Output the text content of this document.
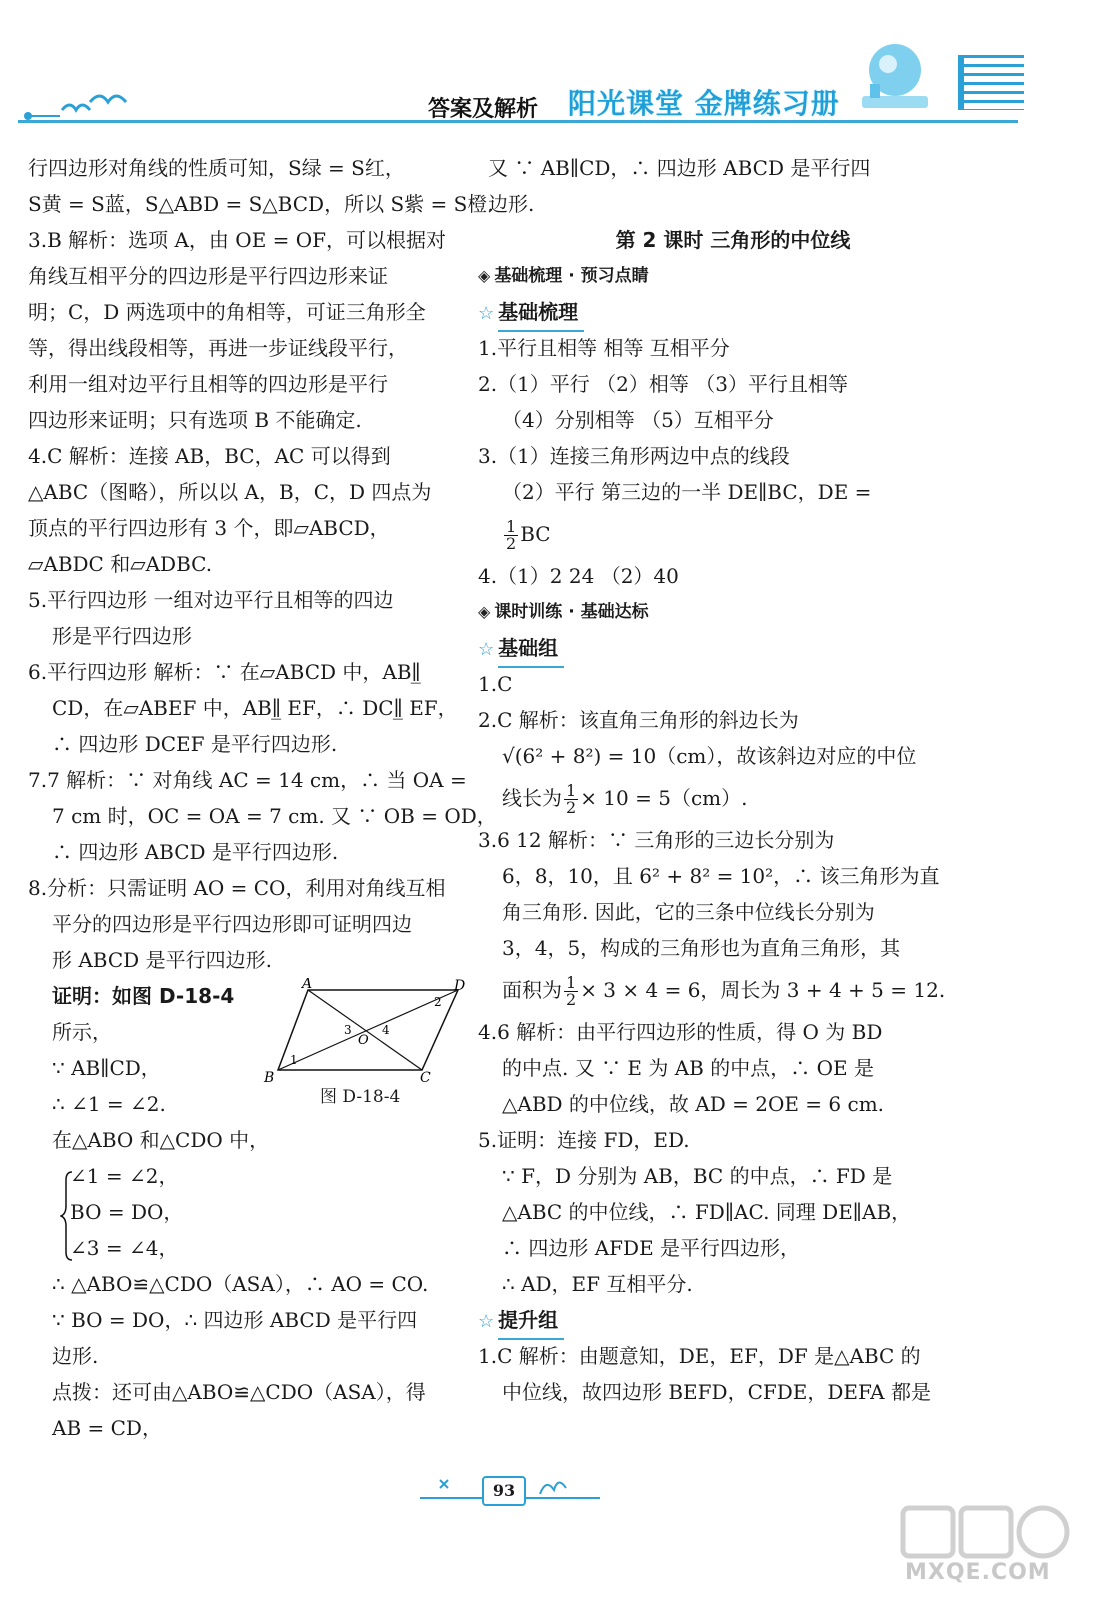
答案及解析 阳光课堂 金牌练习册
行四边形对角线的性质可知，S绿 = S红，
S黄 = S蓝，S△ABD = S△BCD，所以 S紫 = S橙.
3.B 解析：选项 A，由 OE = OF，可以根据对
角线互相平分的四边形是平行四边形来证
明；C，D 两选项中的角相等，可证三角形全
等，得出线段相等，再进一步证线段平行，
利用一组对边平行且相等的四边形是平行
四边形来证明；只有选项 B 不能确定.
4.C 解析：连接 AB，BC，AC 可以得到
△ABC（图略），所以以 A，B，C，D 四点为
顶点的平行四边形有 3 个，即▱ABCD，
▱ABDC 和▱ADBC.
5.平行四边形 一组对边平行且相等的四边
形是平行四边形
6.平行四边形 解析：∵ 在▱ABCD 中，AB∥̲
CD，在▱ABEF 中，AB∥̲ EF，∴ DC∥̲ EF，
∴ 四边形 DCEF 是平行四边形.
7.7 解析：∵ 对角线 AC = 14 cm，∴ 当 OA =
7 cm 时，OC = OA = 7 cm. 又 ∵ OB = OD，
∴ 四边形 ABCD 是平行四边形.
8.分析：只需证明 AO = CO，利用对角线互相
平分的四边形是平行四边形即可证明四边
形 ABCD 是平行四边形.
证明：如图 D-18-4
所示，
∵ AB∥CD，
∴ ∠1 = ∠2.
在△ABO 和△CDO 中，
∠1 = ∠2，
BO = DO，
∠3 = ∠4，
∴ △ABO≌△CDO（ASA），∴ AO = CO.
∵ BO = DO，∴ 四边形 ABCD 是平行四
边形.
点拨：还可由△ABO≌△CDO（ASA），得
AB = CD，
A	D
B	C
O
1
2
3	4
图 D-18-4
又 ∵ AB∥CD，∴ 四边形 ABCD 是平行四
边形.
第 2 课时 三角形的中位线
◈ 基础梳理 · 预习点睛
☆ 基础梳理
1.平行且相等 相等 互相平分
2.（1）平行 （2）相等 （3）平行且相等
（4）分别相等 （5）互相平分
3.（1）连接三角形两边中点的线段
（2）平行 第三边的一半 DE∥BC，DE =
$\frac{1}{2}$ BC
4.（1）2 24 （2）40
◈ 课时训练 · 基础达标
☆ 基础组
1.C
2.C 解析：该直角三角形的斜边长为
√(6² + 8²) = 10（cm），故该斜边对应的中位
线长为 $\frac{1}{2} \times 10 = 5(cm)$.
3.6 12 解析：∵ 三角形的三边长分别为
6，8，10，且 6² + 8² = 10²，∴ 该三角形为直
角三角形. 因此，它的三条中位线长分别为
3，4，5，构成的三角形也为直角三角形，其
面积为 $\frac{1}{2} \times 3 \times 4 = 6$，周长为 3 + 4 + 5 = 12.
4.6 解析：由平行四边形的性质，得 O 为 BD
的中点. 又 ∵ E 为 AB 的中点，∴ OE 是
△ABD 的中位线，故 AD = 2OE = 6 cm.
5.证明：连接 FD，ED.
∵ F，D 分别为 AB，BC 的中点，∴ FD 是
△ABC 的中位线，∴ FD∥AC. 同理 DE∥AB，
∴ 四边形 AFDE 是平行四边形，
∴ AD，EF 互相平分.
☆ 提升组
1.C 解析：由题意知，DE，EF，DF 是△ABC 的
中位线，故四边形 BEFD，CFDE，DEFA 都是
93
MXQE.COM
